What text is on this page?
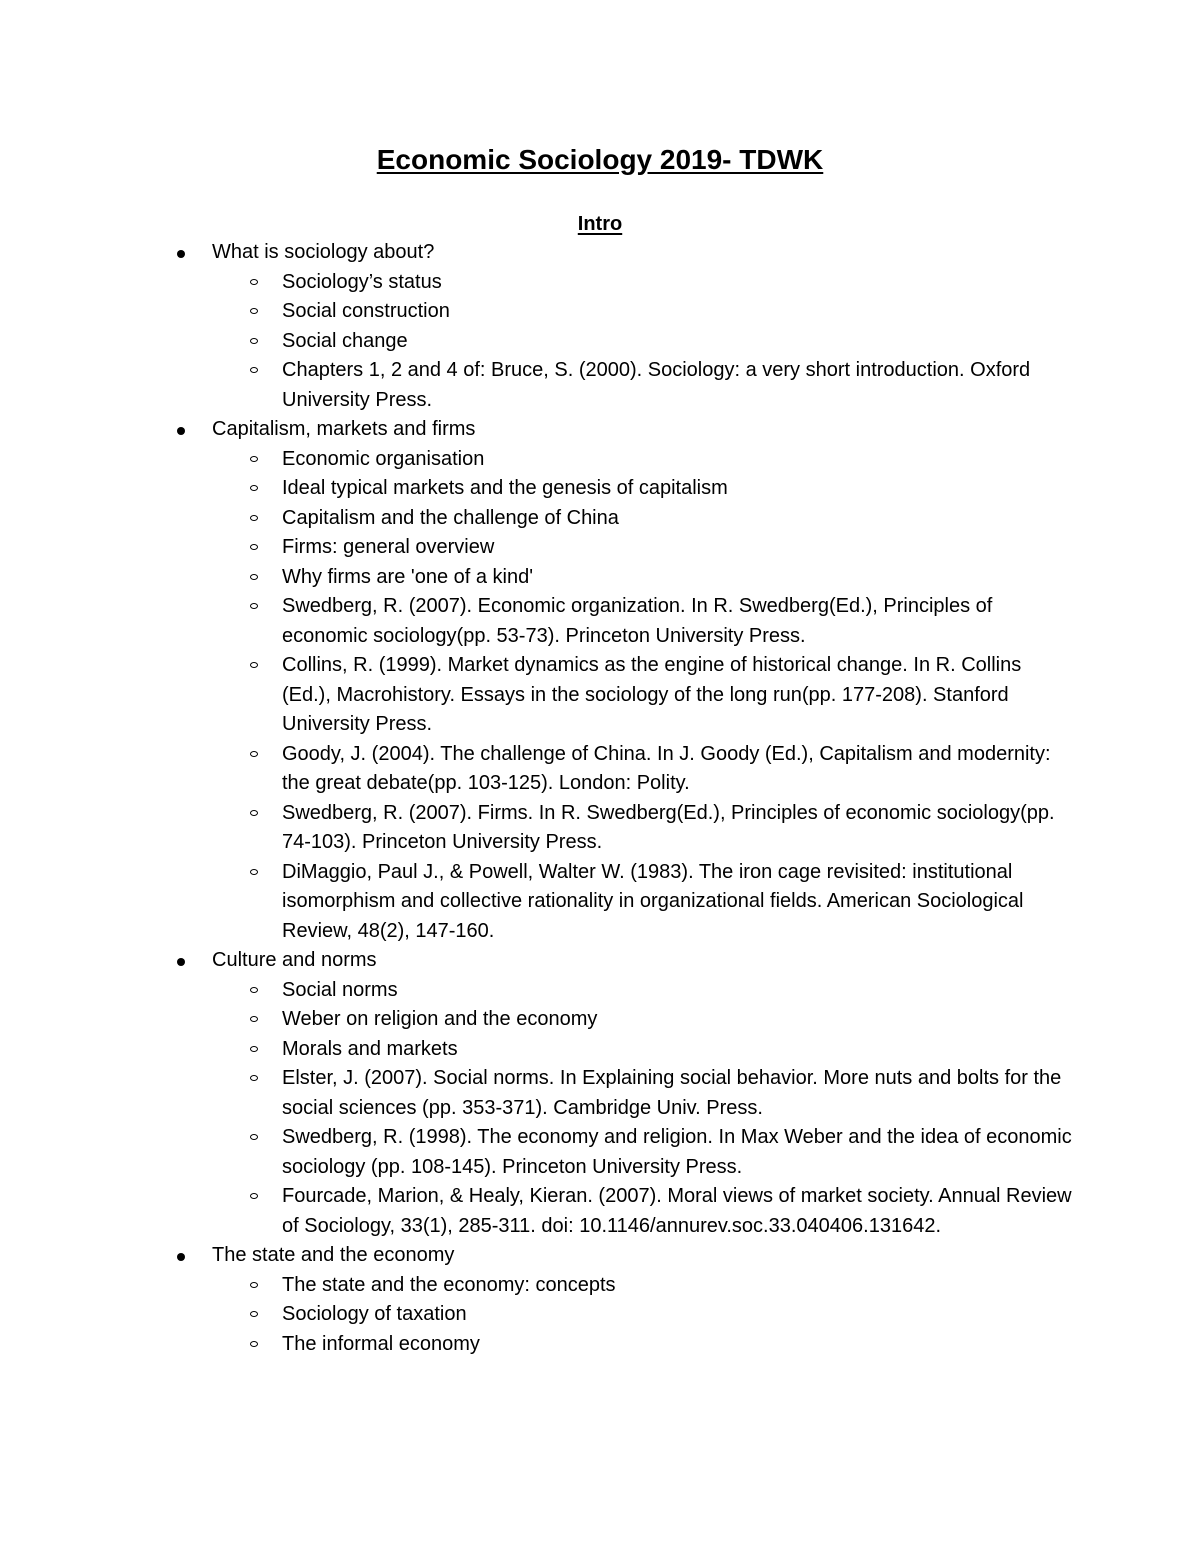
Economic Sociology 2019- TDWK
Intro
What is sociology about?
Sociology’s status
Social construction
Social change
Chapters 1, 2 and 4 of: Bruce, S. (2000). Sociology: a very short introduction. Oxford University Press.
Capitalism, markets and firms
Economic organisation
Ideal typical markets and the genesis of capitalism
Capitalism and the challenge of China
Firms: general overview
Why firms are 'one of a kind'
Swedberg, R. (2007). Economic organization. In R. Swedberg(Ed.), Principles of economic sociology(pp. 53-73). Princeton University Press.
Collins, R. (1999). Market dynamics as the engine of historical change. In R. Collins (Ed.), Macrohistory. Essays in the sociology of the long run(pp. 177-208). Stanford University Press.
Goody, J. (2004). The challenge of China. In J. Goody (Ed.), Capitalism and modernity: the great debate(pp. 103-125). London: Polity.
Swedberg, R. (2007). Firms. In R. Swedberg(Ed.), Principles of economic sociology(pp. 74-103). Princeton University Press.
DiMaggio, Paul J., & Powell, Walter W. (1983). The iron cage revisited: institutional isomorphism and collective rationality in organizational fields. American Sociological Review, 48(2), 147-160.
Culture and norms
Social norms
Weber on religion and the economy
Morals and markets
Elster, J. (2007). Social norms. In Explaining social behavior. More nuts and bolts for the social sciences (pp. 353-371). Cambridge Univ. Press.
Swedberg, R. (1998). The economy and religion. In Max Weber and the idea of economic sociology (pp. 108-145). Princeton University Press.
Fourcade, Marion, & Healy, Kieran. (2007). Moral views of market society. Annual Review of Sociology, 33(1), 285-311. doi: 10.1146/annurev.soc.33.040406.131642.
The state and the economy
The state and the economy: concepts
Sociology of taxation
The informal economy
